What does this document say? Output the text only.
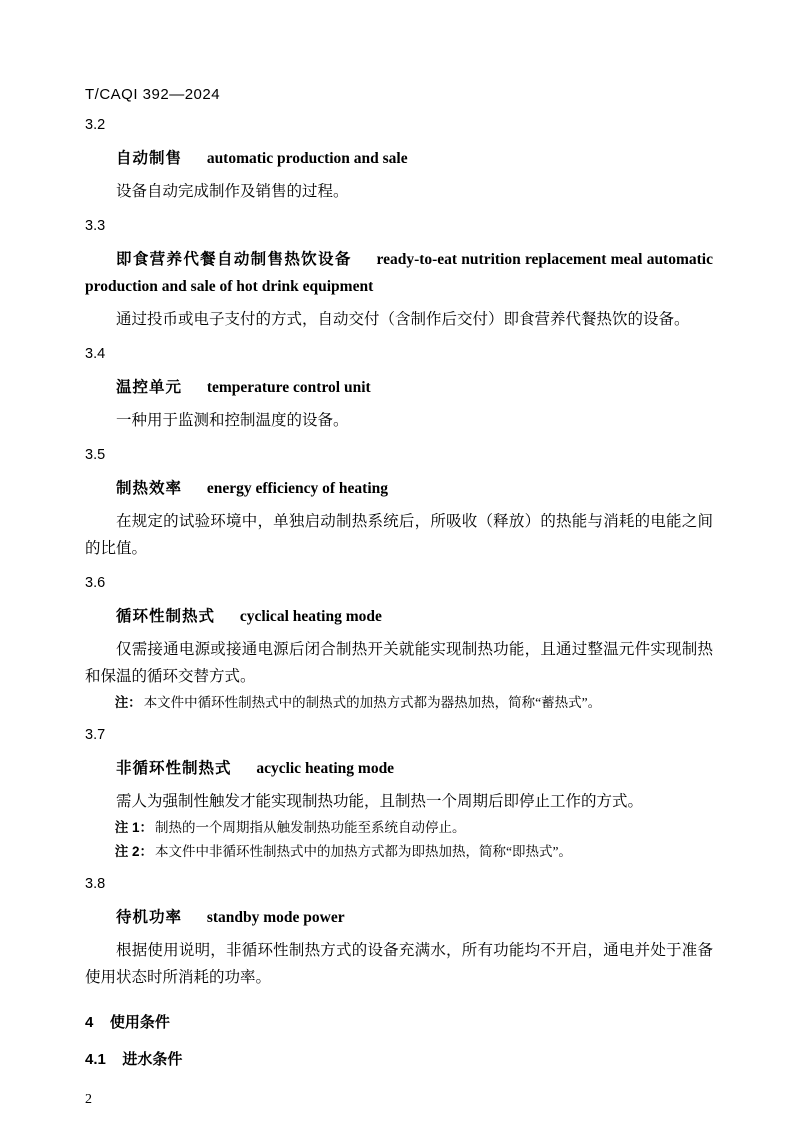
T/CAQI 392—2024
3.2

自动制售 automatic production and sale

设备自动完成制作及销售的过程。

3.3

即食营养代餐自动制售热饮设备 ready-to-eat nutrition replacement meal automatic production and sale of hot drink equipment

通过投币或电子支付的方式，自动交付（含制作后交付）即食营养代餐热饮的设备。

3.4

温控单元 temperature control unit

一种用于监测和控制温度的设备。

3.5

制热效率 energy efficiency of heating

在规定的试验环境中，单独启动制热系统后，所吸收（释放）的热能与消耗的电能之间的比值。

3.6

循环性制热式 cyclical heating mode

仅需接通电源或接通电源后闭合制热开关就能实现制热功能，且通过整温元件实现制热和保温的循环交替方式。

注： 本文件中循环性制热式中的制热式的加热方式都为器热加热，简称“蓄热式”。

3.7

非循环性制热式 acyclic heating mode

需人为强制性触发才能实现制热功能，且制热一个周期后即停止工作的方式。

注 1： 制热的一个周期指从触发制热功能至系统自动停止。

注 2： 本文件中非循环性制热式中的加热方式都为即热加热，简称“即热式”。

3.8

待机功率 standby mode power

根据使用说明，非循环性制热方式的设备充满水，所有功能均不开启，通电并处于准备使用状态时所消耗的功率。

4 使用条件
4.1 进水条件
2
